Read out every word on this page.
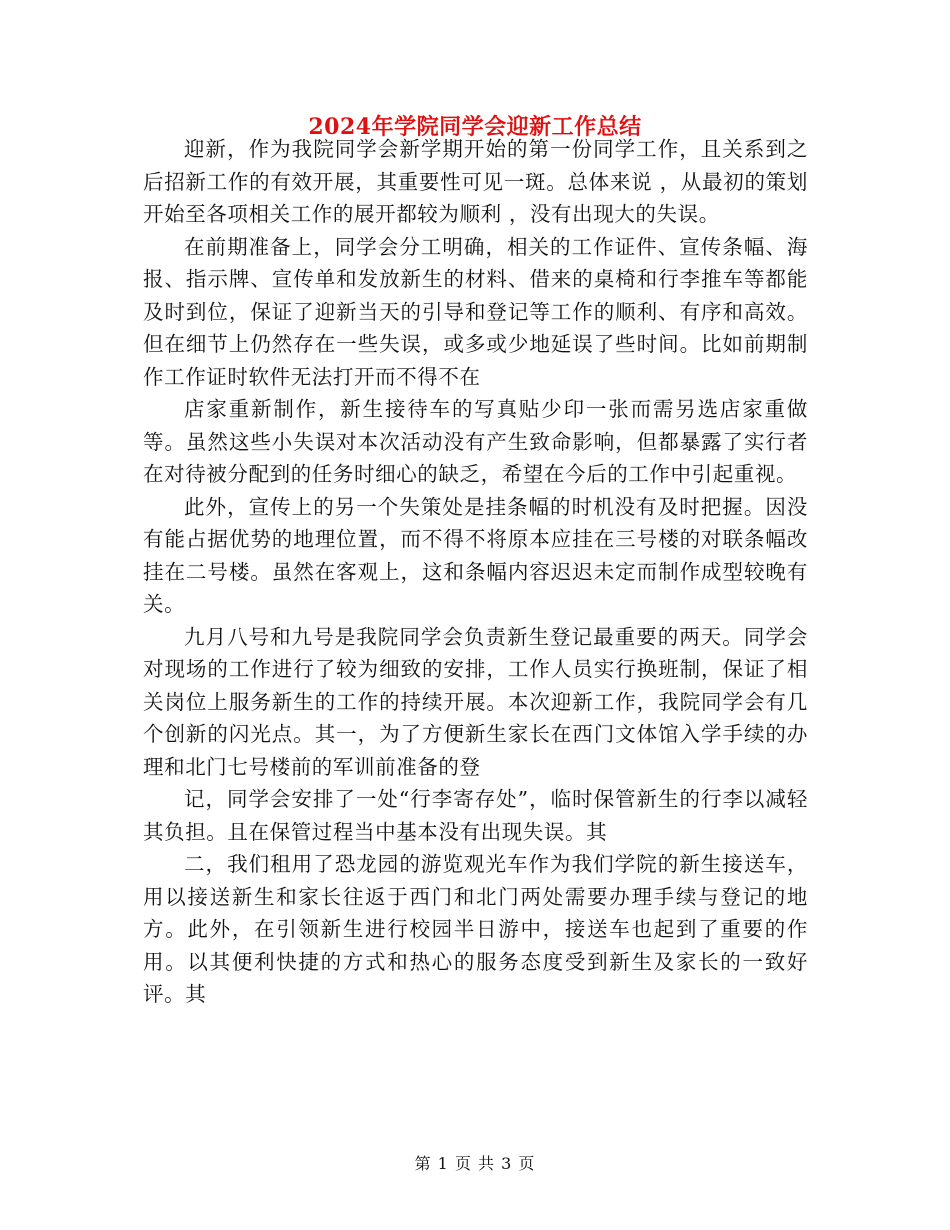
2024年学院同学会迎新工作总结

迎新，作为我院同学会新学期开始的第一份同学工作，且关系到之后招新工作的有效开展，其重要性可见一斑。总体来说 ，从最初的策划开始至各项相关工作的展开都较为顺利 ，没有出现大的失误。

在前期准备上，同学会分工明确，相关的工作证件、宣传条幅、海报、指示牌、宣传单和发放新生的材料、借来的桌椅和行李推车等都能及时到位，保证了迎新当天的引导和登记等工作的顺利、有序和高效。但在细节上仍然存在一些失误，或多或少地延误了些时间。比如前期制作工作证时软件无法打开而不得不在

店家重新制作，新生接待车的写真贴少印一张而需另选店家重做等。虽然这些小失误对本次活动没有产生致命影响，但都暴露了实行者在对待被分配到的任务时细心的缺乏，希望在今后的工作中引起重视。

此外，宣传上的另一个失策处是挂条幅的时机没有及时把握。因没有能占据优势的地理位置，而不得不将原本应挂在三号楼的对联条幅改挂在二号楼。虽然在客观上，这和条幅内容迟迟未定而制作成型较晚有关。

九月八号和九号是我院同学会负责新生登记最重要的两天。同学会对现场的工作进行了较为细致的安排，工作人员实行换班制，保证了相关岗位上服务新生的工作的持续开展。本次迎新工作，我院同学会有几个创新的闪光点。其一，为了方便新生家长在西门文体馆入学手续的办理和北门七号楼前的军训前准备的登

记，同学会安排了一处“行李寄存处”，临时保管新生的行李以减轻其负担。且在保管过程当中基本没有出现失误。其

二，我们租用了恐龙园的游览观光车作为我们学院的新生接送车，用以接送新生和家长往返于西门和北门两处需要办理手续与登记的地方。此外，在引领新生进行校园半日游中，接送车也起到了重要的作用。以其便利快捷的方式和热心的服务态度受到新生及家长的一致好评。其

第 1 页 共 3 页
